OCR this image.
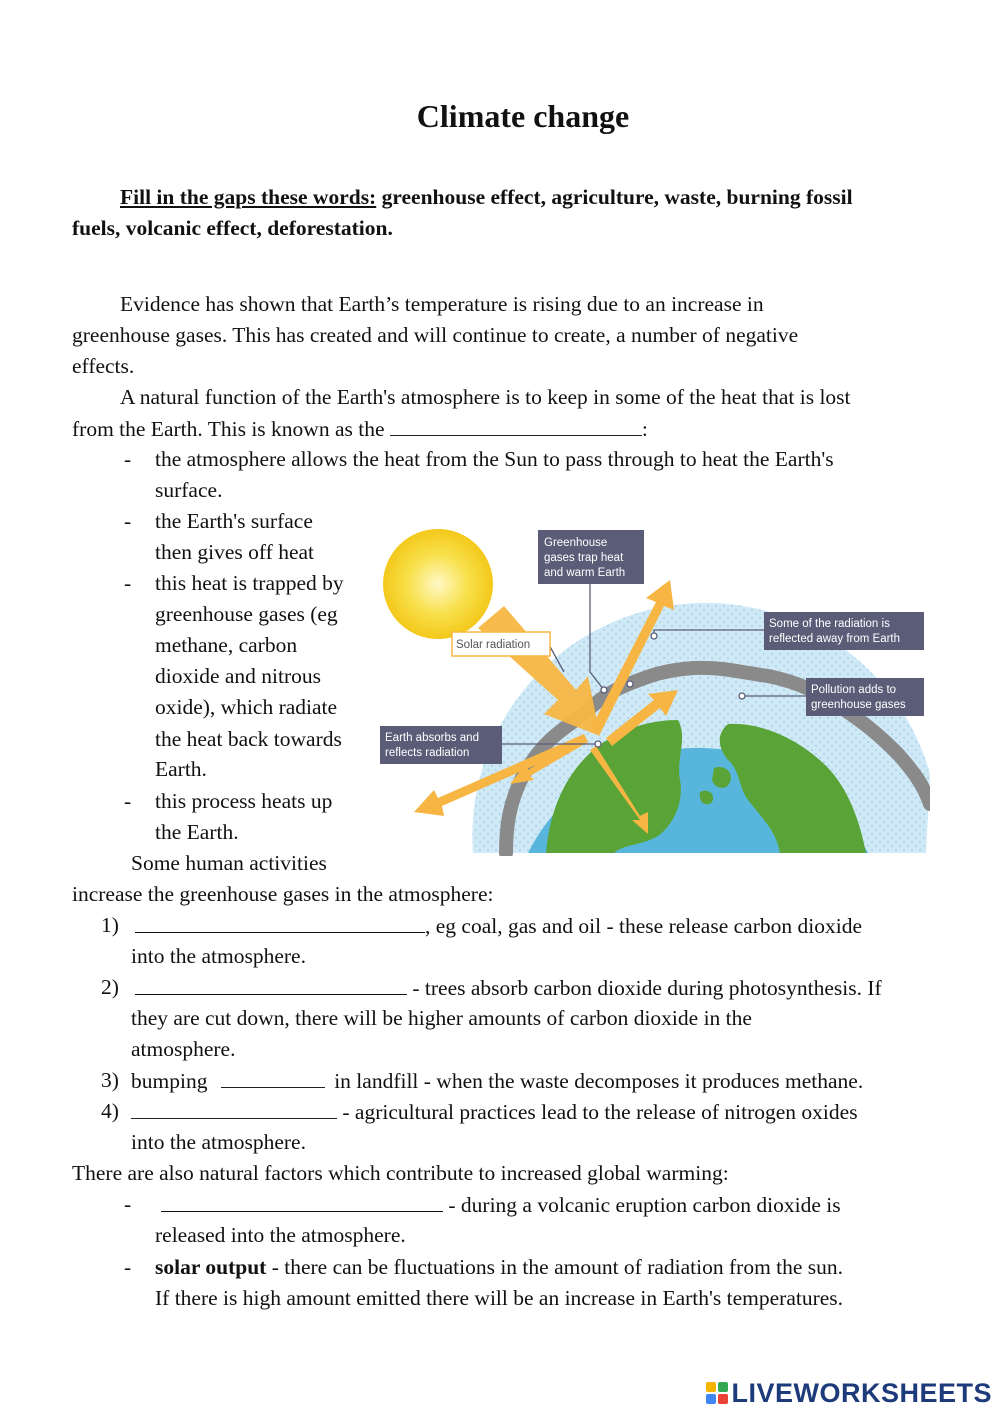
Climate change
Fill in the gaps these words: greenhouse effect, agriculture, waste, burning fossil
fuels, volcanic effect, deforestation.
Evidence has shown that Earth’s temperature is rising due to an increase in
greenhouse gases. This has created and will continue to create, a number of negative
effects.
A natural function of the Earth's atmosphere is to keep in some of the heat that is lost
from the Earth. This is known as the	:
-	the atmosphere allows the heat from the Sun to pass through to heat the Earth's
surface.
-	the Earth's surface
then gives off heat
-	this heat is trapped by
greenhouse gases (eg
methane, carbon
dioxide and nitrous
oxide), which radiate
the heat back towards
Earth.
-	this process heats up
the Earth.
Greenhouse
gases trap heat
and warm Earth
Solar radiation
Some of the radiation is
reflected away from Earth
Pollution adds to
greenhouse gases
Earth absorbs and
reflects radiation
Some human activities
increase the greenhouse gases in the atmosphere:
1)	, eg coal, gas and oil - these release carbon dioxide
into the atmosphere.
2)	- trees absorb carbon dioxide during photosynthesis. If
they are cut down, there will be higher amounts of carbon dioxide in the
atmosphere.
3) bumping	in landfill - when the waste decomposes it produces methane.
4)	- agricultural practices lead to the release of nitrogen oxides
into the atmosphere.
There are also natural factors which contribute to increased global warming:
-	- during a volcanic eruption carbon dioxide is
released into the atmosphere.
-	solar output - there can be fluctuations in the amount of radiation from the sun.
If there is high amount emitted there will be an increase in Earth's temperatures.
LIVEWORKSHEETS
